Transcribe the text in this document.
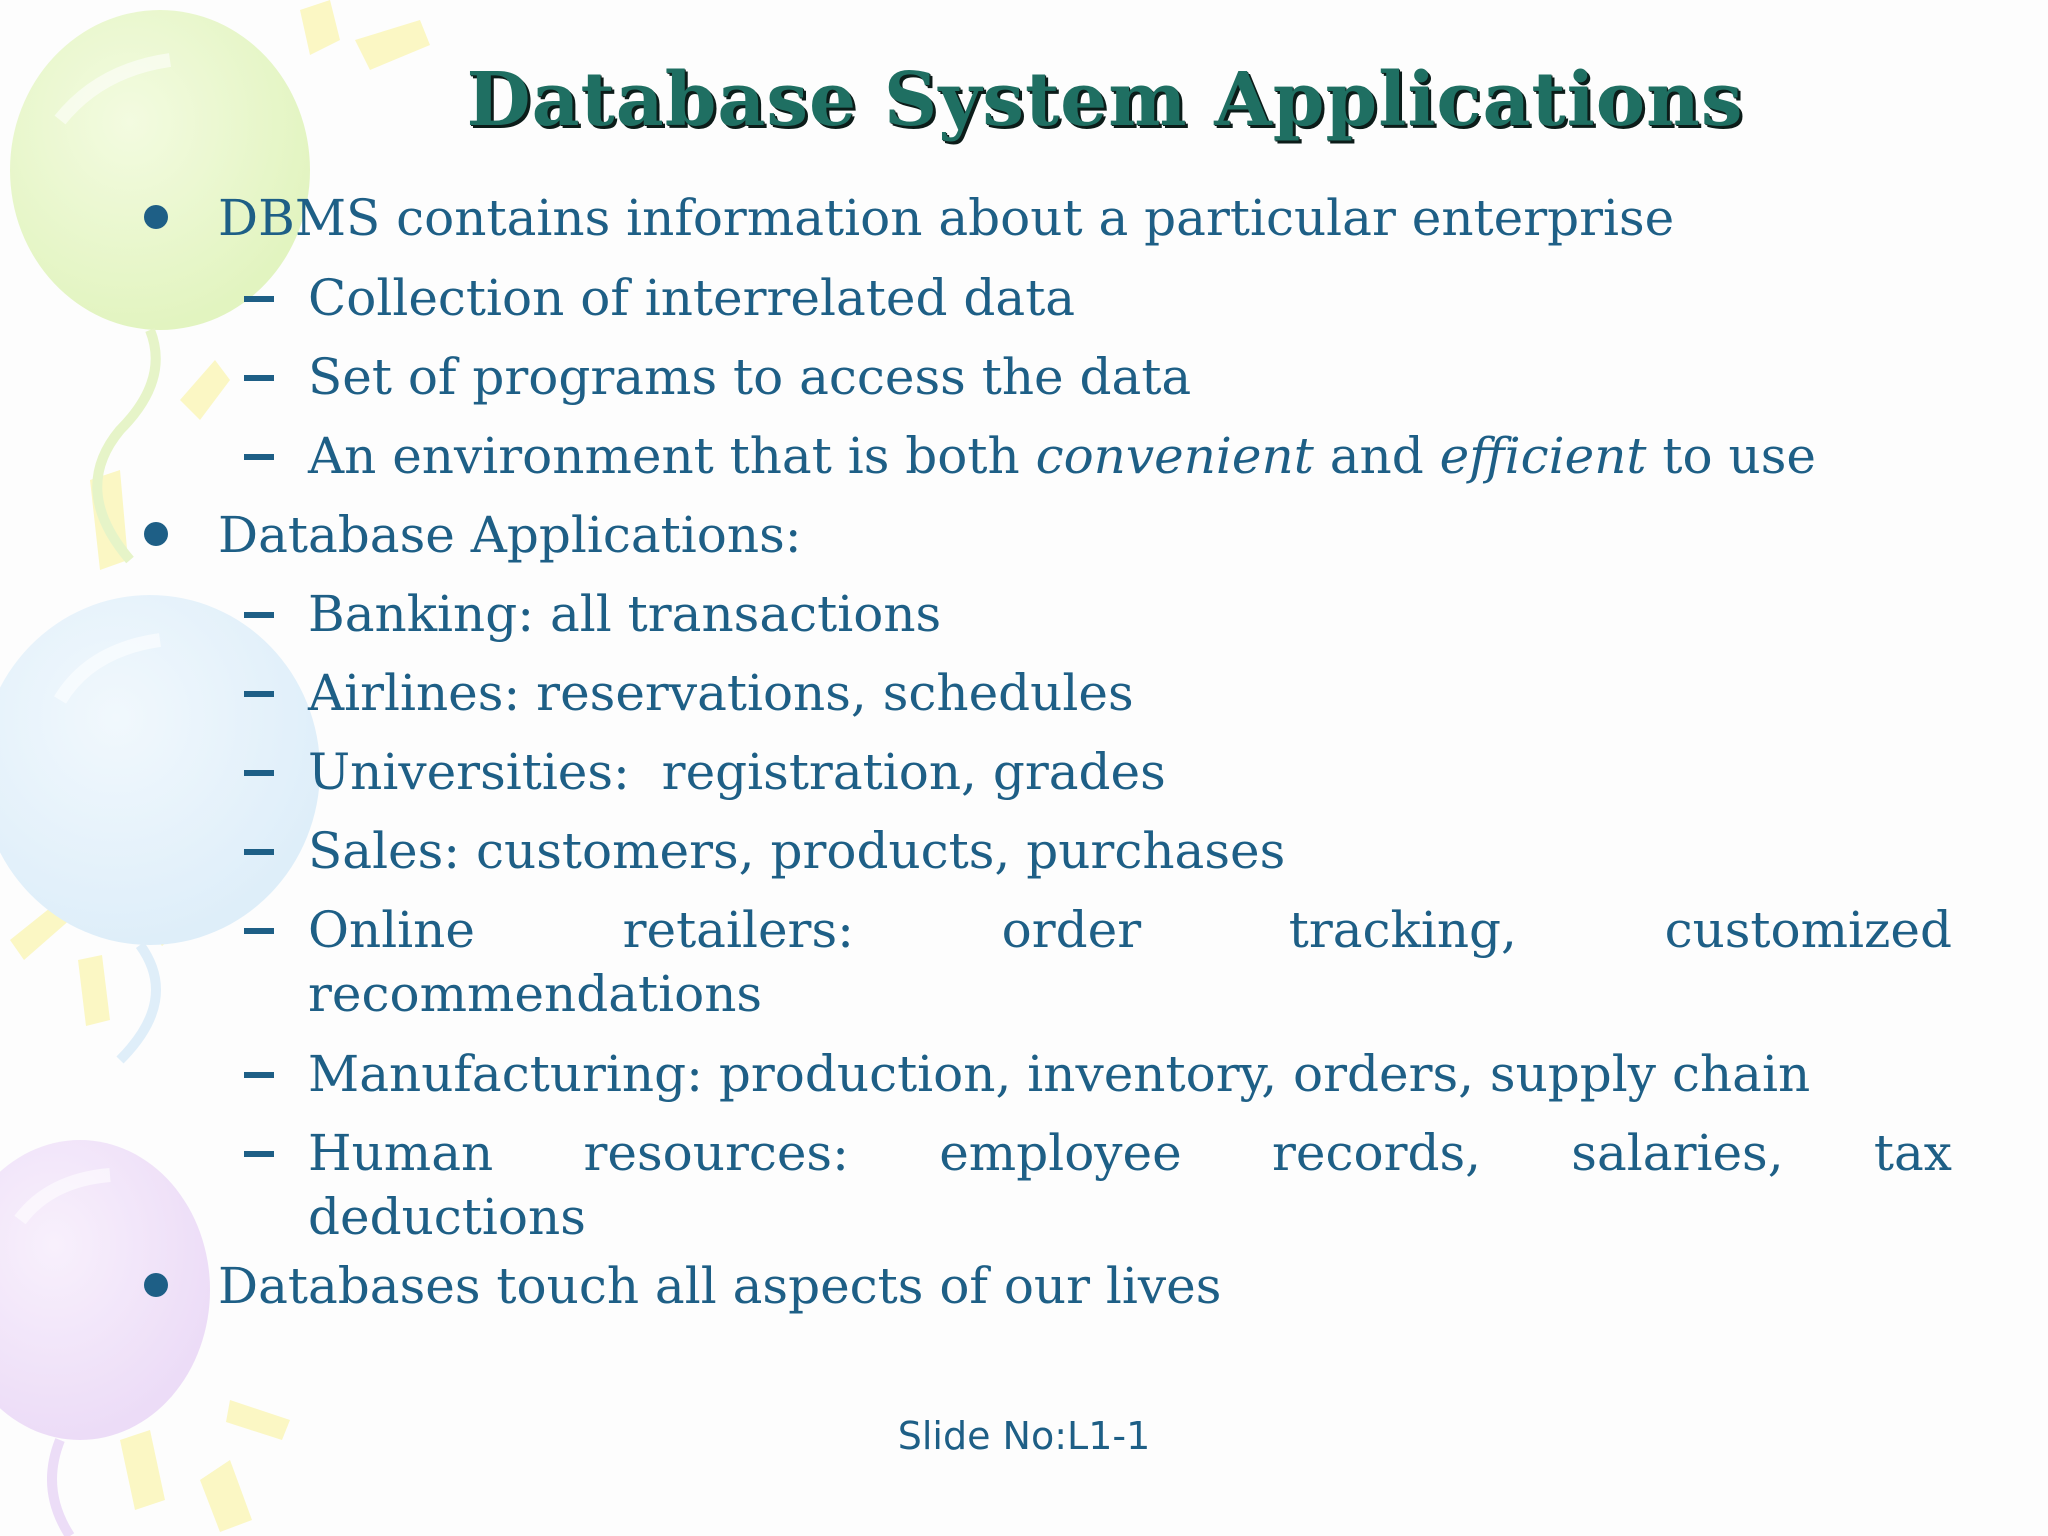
Database System Applications
DBMS contains information about a particular enterprise
Collection of interrelated data
Set of programs to access the data
An environment that is both convenient and efficient to use
Database Applications:
Banking: all transactions
Airlines: reservations, schedules
Universities:  registration, grades
Sales: customers, products, purchases
Online	retailers:	order	tracking,	customized
recommendations
Manufacturing: production, inventory, orders, supply chain
Human resources: employee records, salaries, tax
deductions
Databases touch all aspects of our lives
Slide No:L1-1
